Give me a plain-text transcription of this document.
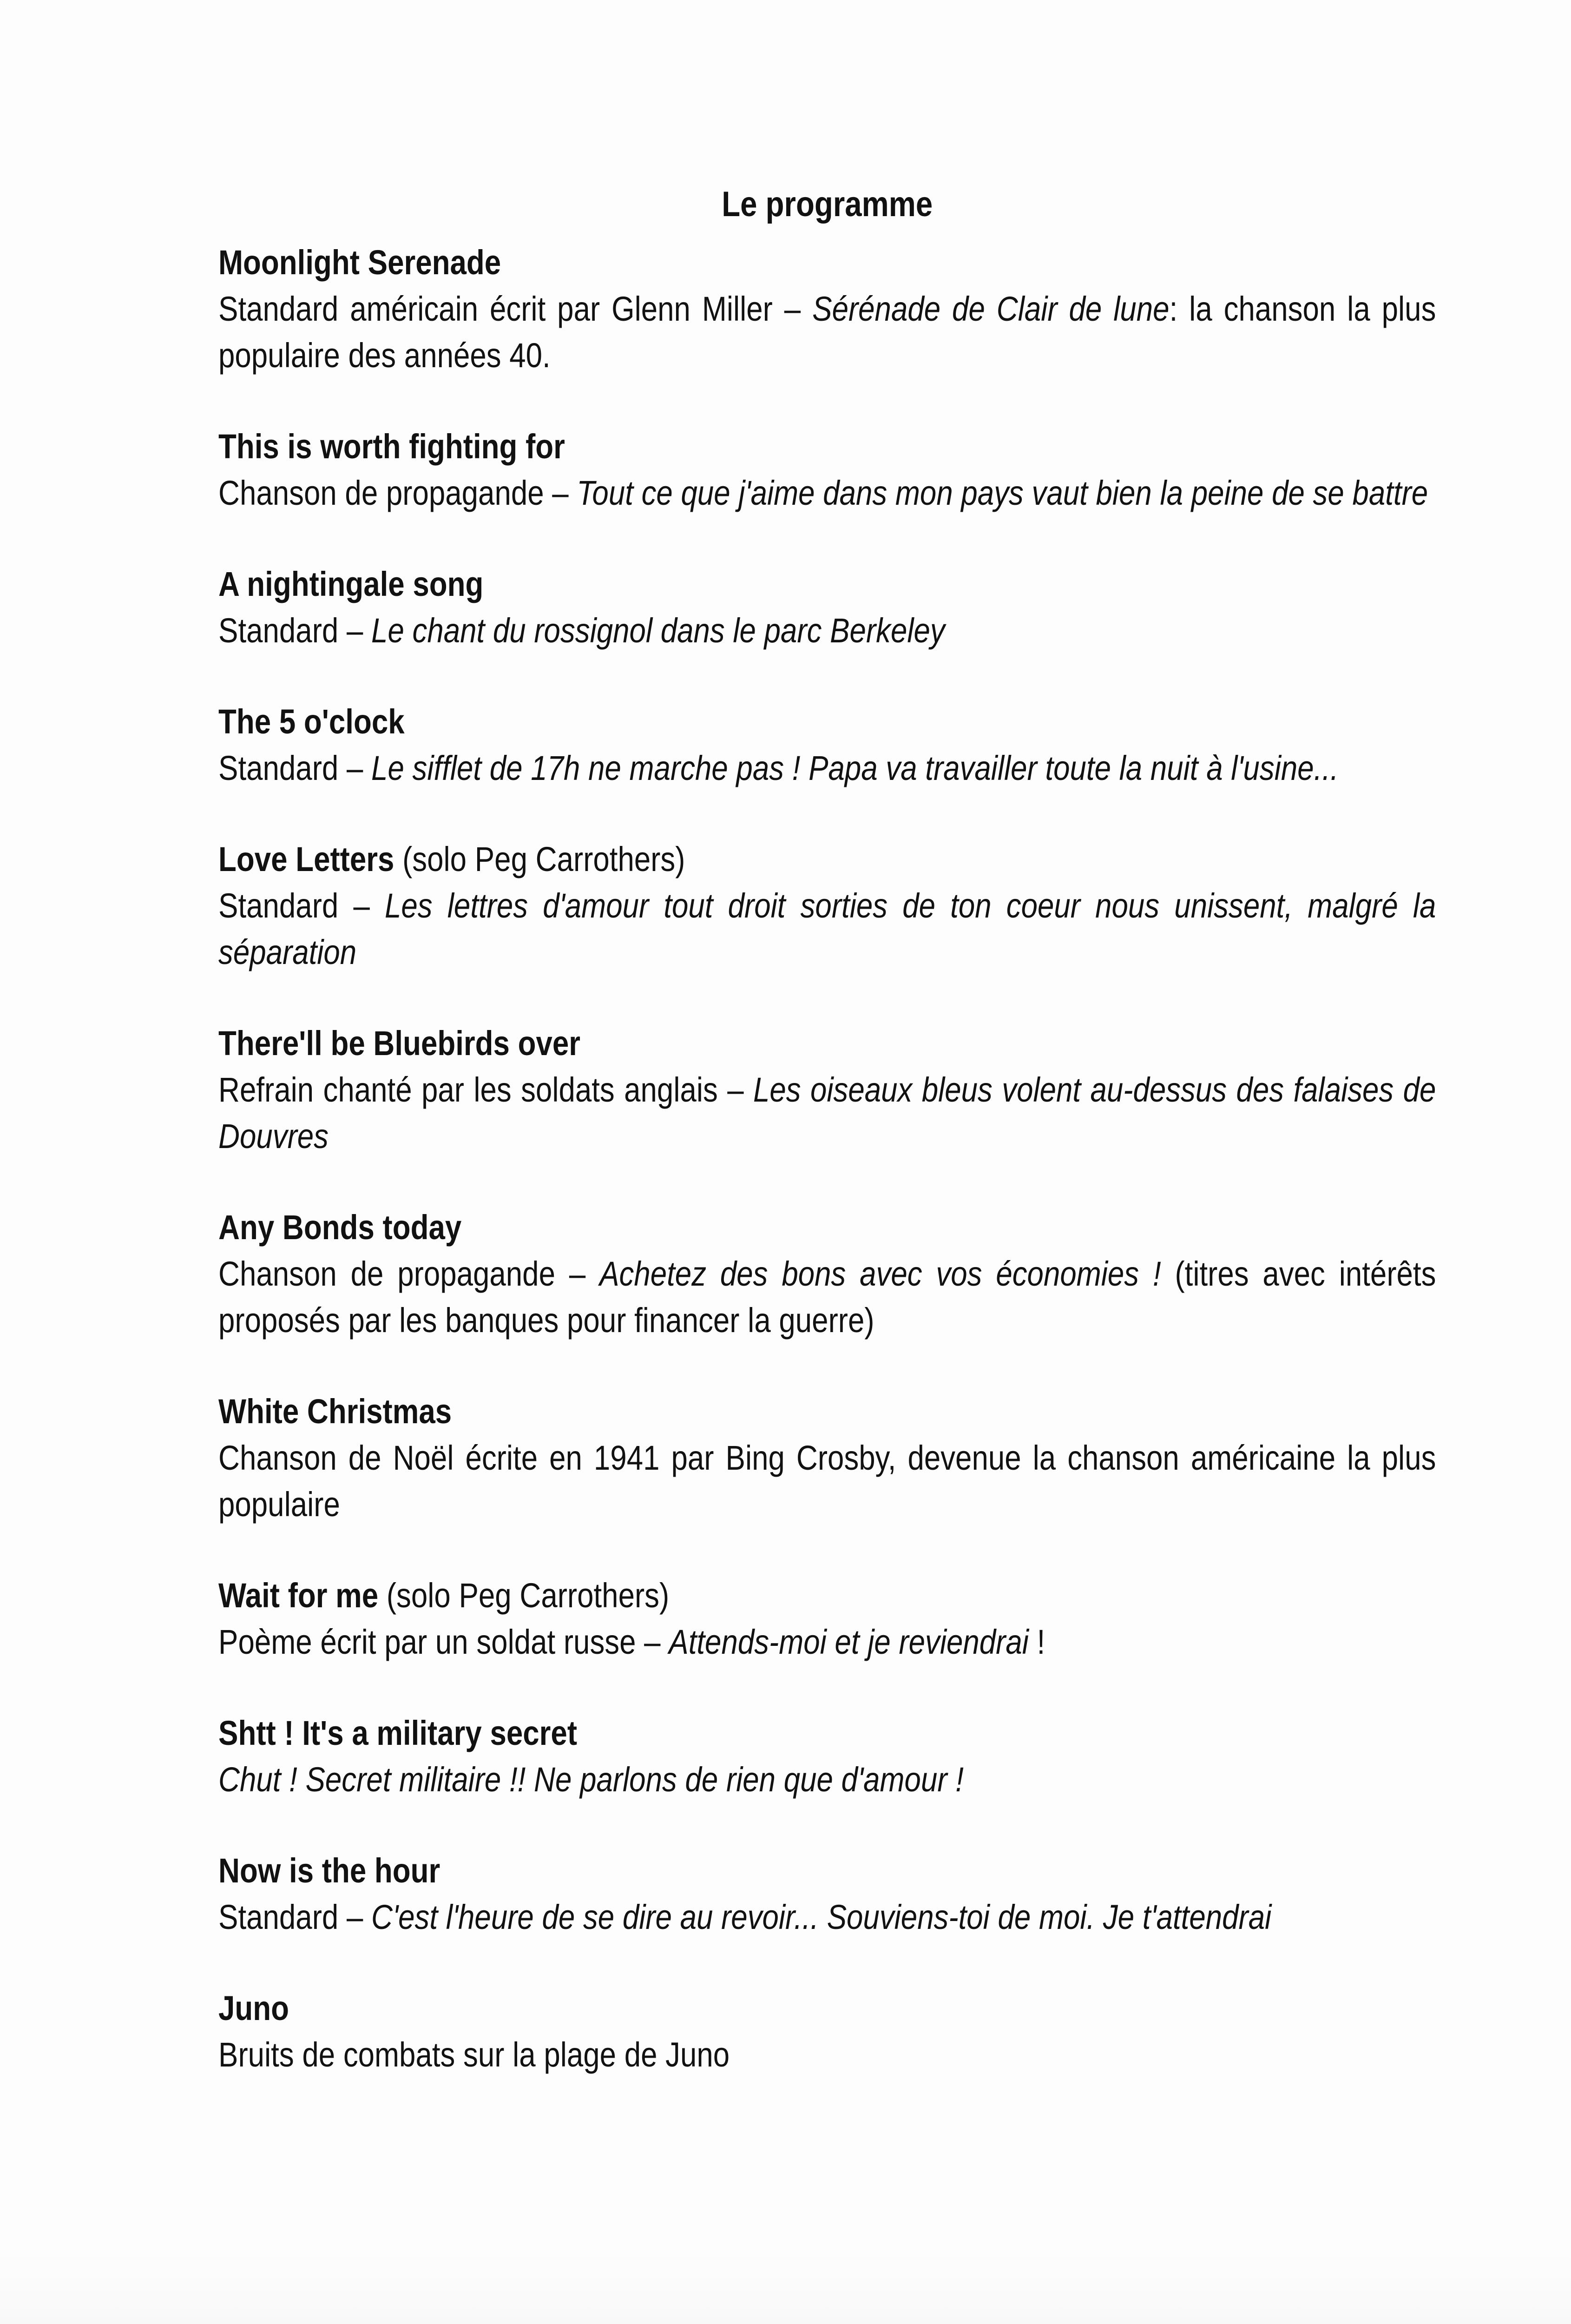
Le programme
Moonlight Serenade
Standard américain écrit par Glenn Miller – Sérénade de Clair de lune: la chanson la plus populaire des années 40.
This is worth fighting for
Chanson de propagande – Tout ce que j'aime dans mon pays vaut bien la peine de se battre
A nightingale song
Standard – Le chant du rossignol dans le parc Berkeley
The 5 o'clock
Standard – Le sifflet de 17h ne marche pas ! Papa va travailler toute la nuit à l'usine...
Love Letters (solo Peg Carrothers)
Standard – Les lettres d'amour tout droit sorties de ton coeur nous unissent, malgré la séparation
There'll be Bluebirds over
Refrain chanté par les soldats anglais – Les oiseaux bleus volent au-dessus des falaises de Douvres
Any Bonds today
Chanson de propagande – Achetez des bons avec vos économies ! (titres avec intérêts proposés par les banques pour financer la guerre)
White Christmas
Chanson de Noël écrite en 1941 par Bing Crosby, devenue la chanson américaine la plus populaire
Wait for me (solo Peg Carrothers)
Poème écrit par un soldat russe – Attends-moi et je reviendrai !
Shtt ! It's a military secret
Chut ! Secret militaire !! Ne parlons de rien que d'amour !
Now is the hour
Standard – C'est l'heure de se dire au revoir... Souviens-toi de moi. Je t'attendrai
Juno
Bruits de combats sur la plage de Juno
